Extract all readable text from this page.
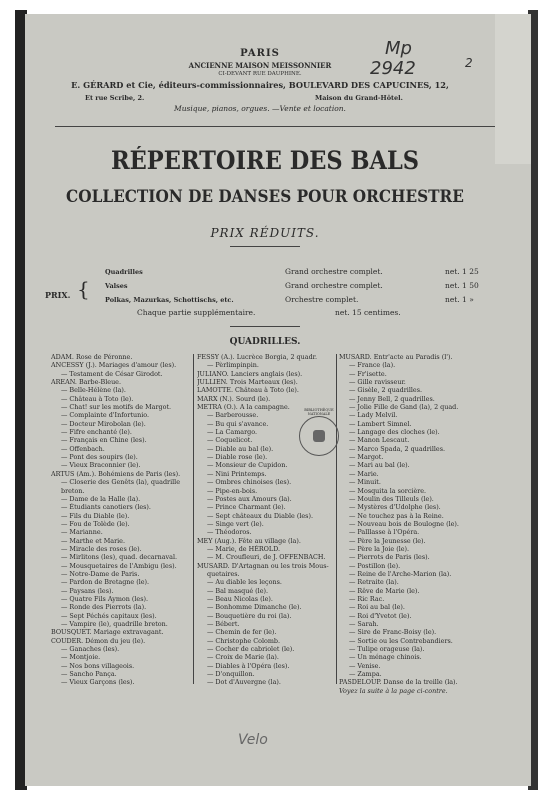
PARIS
ANCIENNE MAISON MEISSONNIER
CI-DEVANT RUE DAUPHINE.
E. GÉRARD et Cie, éditeurs-commissionnaires, BOULEVARD DES CAPUCINES, 12,
Et rue Scribe, 2.	Maison du Grand-Hôtel.
Musique, pianos, orgues. —Vente et location.
Mp
2942	2
RÉPERTOIRE DES BALS
COLLECTION DE DANSES POUR ORCHESTRE
PRIX RÉDUITS.
PRIX. {
Quadrilles	Grand orchestre complet.	net. 1 25
Valses	Grand orchestre complet.	net. 1 50
Polkas, Mazurkas, Schottischs, etc.	Orchestre complet.	net. 1 »
Chaque partie supplémentaire.	net. 15 centimes.
QUADRILLES.
ADAM. Rose de Péronne.
ANCESSY (J.). Mariages d'amour (les).
— Testament de César Girodot.
AREAN. Barbe-Bleue.
— Belle-Hélène (la).
— Château à Toto (le).
— Chat! sur les motifs de Margot.
— Complainte d'Infortunio.
— Docteur Mirobolan (le).
— Fifre enchanté (le).
— Français en Chine (les).
— Offenbach.
— Pont des soupirs (le).
— Vieux Braconnier (le).
ARTUS (Am.). Bohémiens de Paris (les).
— Closerie des Genêts (la), quadrille
breton.
— Dame de la Halle (la).
— Étudiants canotiers (les).
— Fils du Diable (le).
— Fou de Tolède (le).
— Marianne.
— Marthe et Marie.
— Miracle des roses (le).
— Mirlitons (les), quad. decarnaval.
— Mousquetaires de l'Ambigu (les).
— Notre-Dame de Paris.
— Pardon de Bretagne (le).
— Paysans (les).
— Quatre Fils Aymon (les).
— Ronde des Pierrots (la).
— Sept Péchés capitaux (les).
— Vampire (le), quadrille breton.
BOUSQUET. Mariage extravagant.
COUDER. Démon du jeu (le).
— Ganaches (les).
— Montjoie.
— Nos bons villageois.
— Sancho Pança.
— Vieux Garçons (les).
FESSY (A.). Lucrèce Borgia, 2 quadr.
— Pèrlimpinpin.
JULIANO. Lanciers anglais (les).
JULLIEN. Trois Marteaux (les).
LAMOTTE. Château à Toto (le).
MARX (N.). Sourd (le).
METRA (O.). A la campagne.
— Barberousse.
— Bu qui s'avance.
— La Camargo.
— Coquelicot.
— Diable au bal (le).
— Diable rose (le).
— Monsieur de Cupidon.
— Nini Printemps.
— Ombres chinoises (les).
— Pipe-en-bois.
— Postes aux Amours (la).
— Prince Charmant (le).
— Sept châteaux du Diable (les).
— Singe vert (le).
— Théodoros.
MEY (Aug.). Fête au village (la).
— Marie, de HÉROLD.
— M. Croufleuri, de J. OFFENBACH.
MUSARD. D'Artagnan ou les trois Mous-
quetaires.
— Au diable les leçons.
— Bal masqué (le).
— Beau Nicolas (le).
— Bonhomme Dimanche (le).
— Bouquetière du roi (la).
— Bébert.
— Chemin de fer (le).
— Christophe Colomb.
— Cocher de cabriolet (le).
— Croix de Marie (la).
— Diables à l'Opéra (les).
— D'onquillon.
— Dot d'Auvergne (la).
MUSARD. Entr'acte au Paradis (l').
— France (la).
— Fr'isette.
— Gille ravisseur.
— Gisèle, 2 quadrilles.
— Jenny Bell, 2 quadrilles.
— Jolie Fille de Gand (la), 2 quad.
— Lady Melvil.
— Lambert Simnel.
— Langage des cloches (le).
— Manon Lescaut.
— Marco Spada, 2 quadrilles.
— Margot.
— Mari au bal (le).
— Marie.
— Minuit.
— Mosquita la sorcière.
— Moulin des Tilleuls (le).
— Mystères d'Udolphe (les).
— Ne touchez pas à la Reine.
— Nouveau bois de Boulogne (le).
— Palllasse à l'Opéra.
— Père la Jeunesse (le).
— Père la Joie (le).
— Pierrots de Paris (les).
— Postillon (le).
— Reine de l'Arche-Marion (la).
— Retraite (la).
— Rêve de Marie (le).
— Ric Rac.
— Roi au bal (le).
— Roi d'Yvetot (le).
— Sarah.
— Sire de Franc-Boisy (le).
— Sortie ou les Contrebandiers.
— Tulipe orageuse (la).
— Un ménage chinois.
— Venise.
— Zampa.
PASDELOUP. Danse de la treille (la).
Voyez la suite à la page ci-contre.
BIBLIOTHÈQUE NATIONALE
Velo
